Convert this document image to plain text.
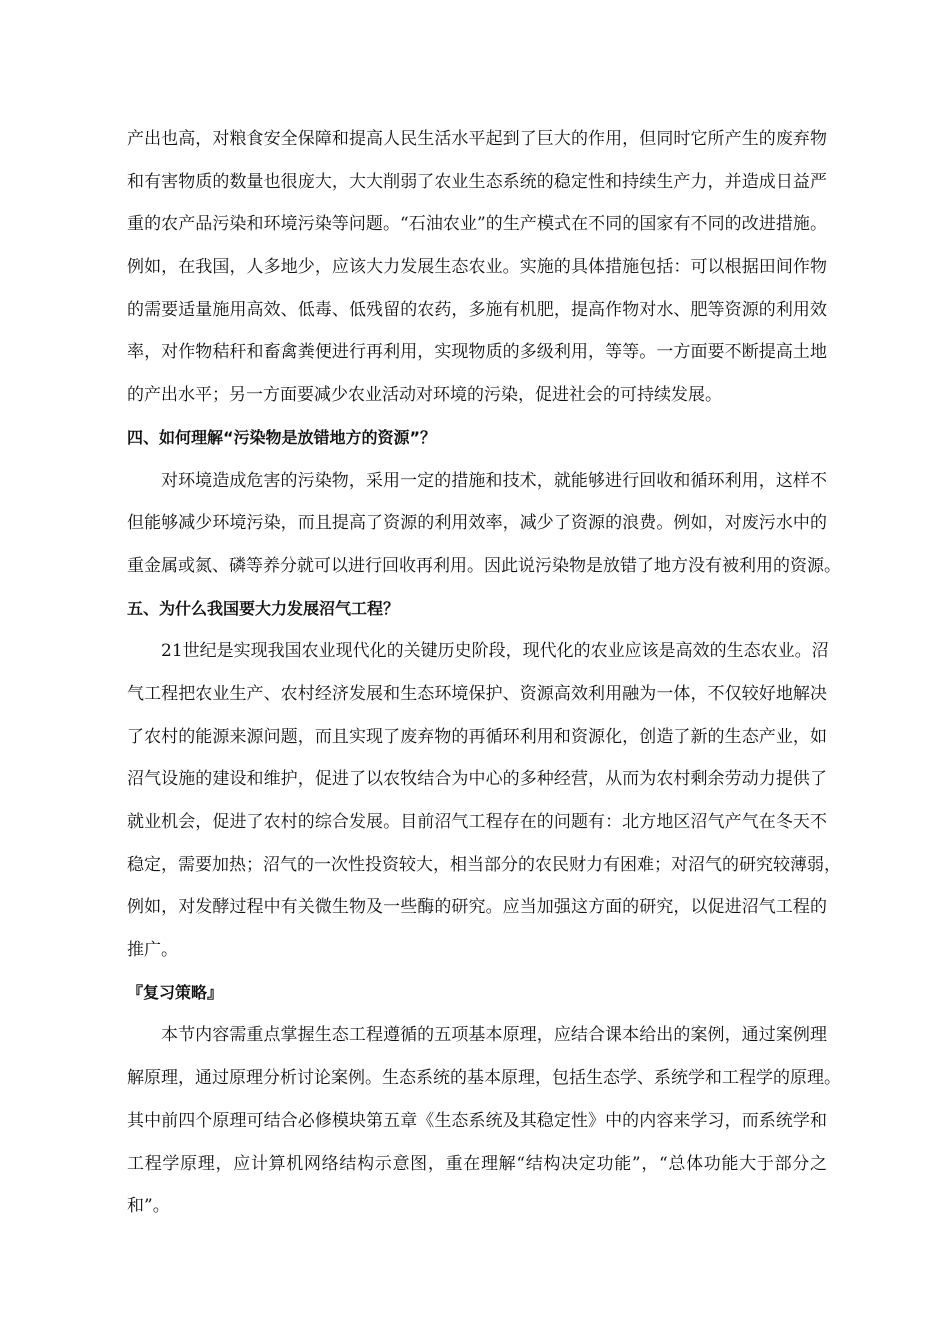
产出也高，对粮食安全保障和提高人民生活水平起到了巨大的作用，但同时它所产生的废弃物
和有害物质的数量也很庞大，大大削弱了农业生态系统的稳定性和持续生产力，并造成日益严
重的农产品污染和环境污染等问题。“石油农业”的生产模式在不同的国家有不同的改进措施。
例如，在我国，人多地少，应该大力发展生态农业。实施的具体措施包括：可以根据田间作物
的需要适量施用高效、低毒、低残留的农药，多施有机肥，提高作物对水、肥等资源的利用效
率，对作物秸秆和畜禽粪便进行再利用，实现物质的多级利用，等等。一方面要不断提高土地
的产出水平；另一方面要减少农业活动对环境的污染，促进社会的可持续发展。
四、如何理解“污染物是放错地方的资源”？
对环境造成危害的污染物，采用一定的措施和技术，就能够进行回收和循环利用，这样不
但能够减少环境污染，而且提高了资源的利用效率，减少了资源的浪费。例如，对废污水中的
重金属或氮、磷等养分就可以进行回收再利用。因此说污染物是放错了地方没有被利用的资源。
五、为什么我国要大力发展沼气工程？
21世纪是实现我国农业现代化的关键历史阶段，现代化的农业应该是高效的生态农业。沼
气工程把农业生产、农村经济发展和生态环境保护、资源高效利用融为一体，不仅较好地解决
了农村的能源来源问题，而且实现了废弃物的再循环利用和资源化，创造了新的生态产业，如
沼气设施的建设和维护，促进了以农牧结合为中心的多种经营，从而为农村剩余劳动力提供了
就业机会，促进了农村的综合发展。目前沼气工程存在的问题有：北方地区沼气产气在冬天不
稳定，需要加热；沼气的一次性投资较大，相当部分的农民财力有困难；对沼气的研究较薄弱，
例如，对发酵过程中有关微生物及一些酶的研究。应当加强这方面的研究，以促进沼气工程的
推广。
『复习策略』
本节内容需重点掌握生态工程遵循的五项基本原理，应结合课本给出的案例，通过案例理
解原理，通过原理分析讨论案例。生态系统的基本原理，包括生态学、系统学和工程学的原理。
其中前四个原理可结合必修模块第五章《生态系统及其稳定性》中的内容来学习，而系统学和
工程学原理，应计算机网络结构示意图，重在理解“结构决定功能”，“总体功能大于部分之
和”。
